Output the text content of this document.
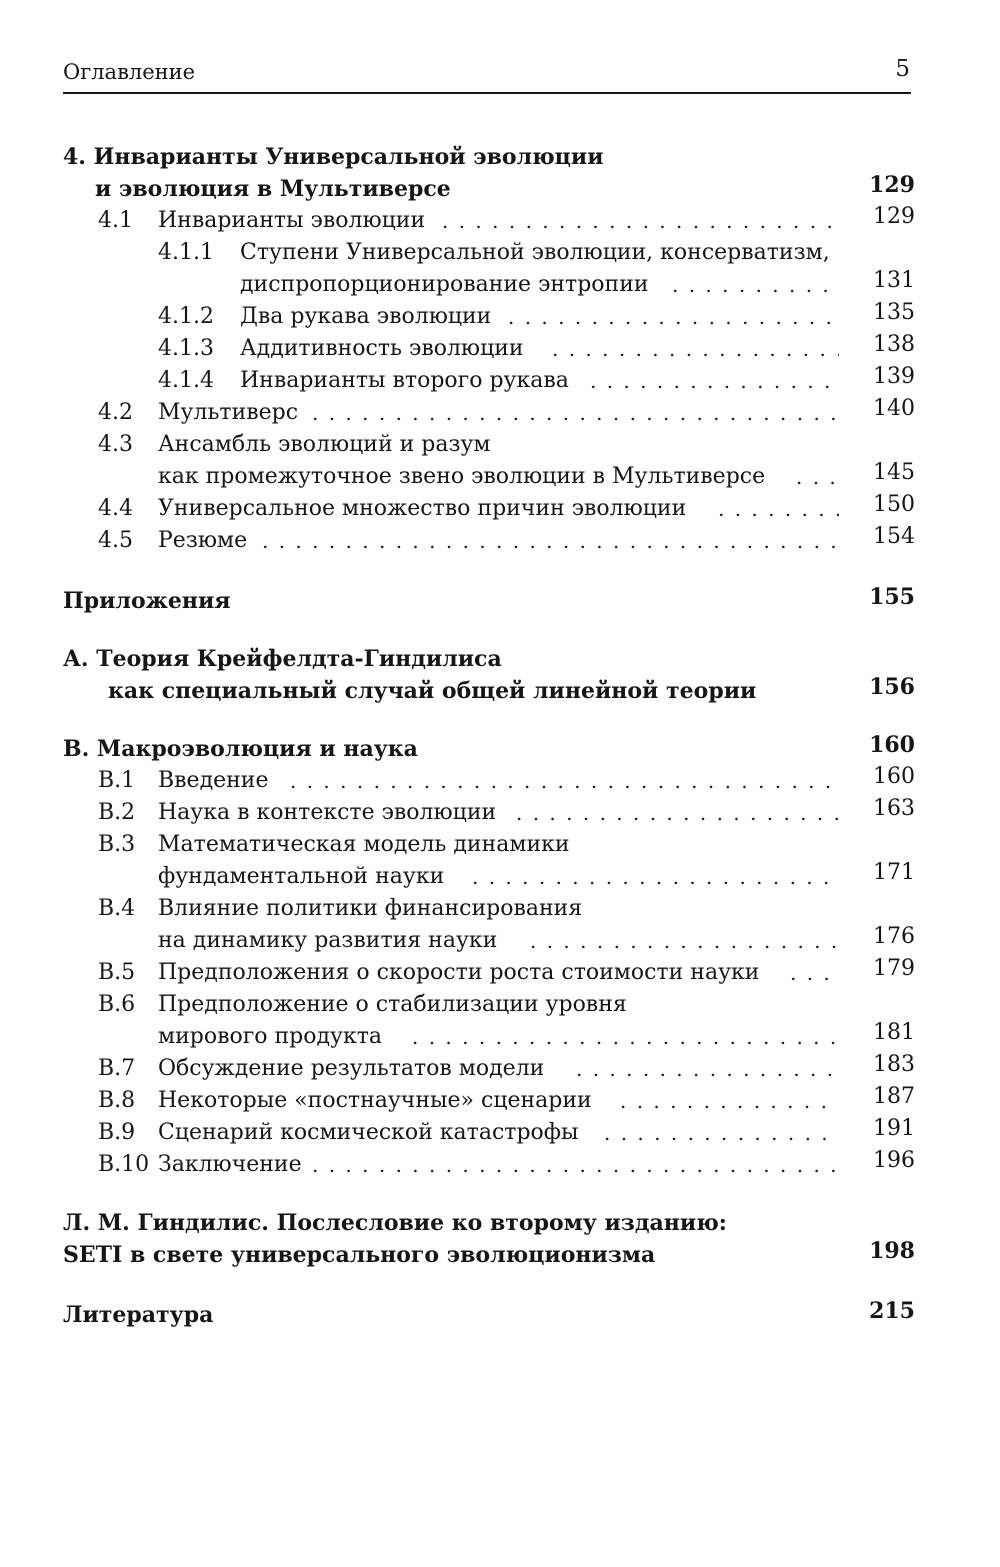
Оглавление	5
4. Инварианты Универсальной эволюции
и эволюция в Мультиверсе	129
4.1 Инварианты эволюции . . .	129
4.1.1 Ступени Универсальной эволюции, консерватизм,
диспропорционирование энтропии . . .	131
4.1.2 Два рукава эволюции . . .	135
4.1.3 Аддитивность эволюции . . .	138
4.1.4 Инварианты второго рукава . . .	139
4.2 Мультиверс . . .	140
4.3 Ансамбль эволюций и разум
как промежуточное звено эволюции в Мультиверсе . . .	145
4.4 Универсальное множество причин эволюции . . .	150
4.5 Резюме . . .	154
Приложения	155
А. Теория Крейфелдта-Гиндилиса
как специальный случай общей линейной теории	156
B. Макроэволюция и наука	160
B.1 Введение . . .	160
B.2 Наука в контексте эволюции . . .	163
B.3 Математическая модель динамики
фундаментальной науки . . .	171
B.4 Влияние политики финансирования
на динамику развития науки . . .	176
B.5 Предположения о скорости роста стоимости науки . . .	179
B.6 Предположение о стабилизации уровня
мирового продукта . . .	181
B.7 Обсуждение результатов модели . . .	183
B.8 Некоторые «постнаучные» сценарии . . .	187
B.9 Сценарий космической катастрофы . . .	191
B.10 Заключение . . .	196
Л. М. Гиндилис. Послесловие ко второму изданию:
SETI в свете универсального эволюционизма	198
Литература	215
